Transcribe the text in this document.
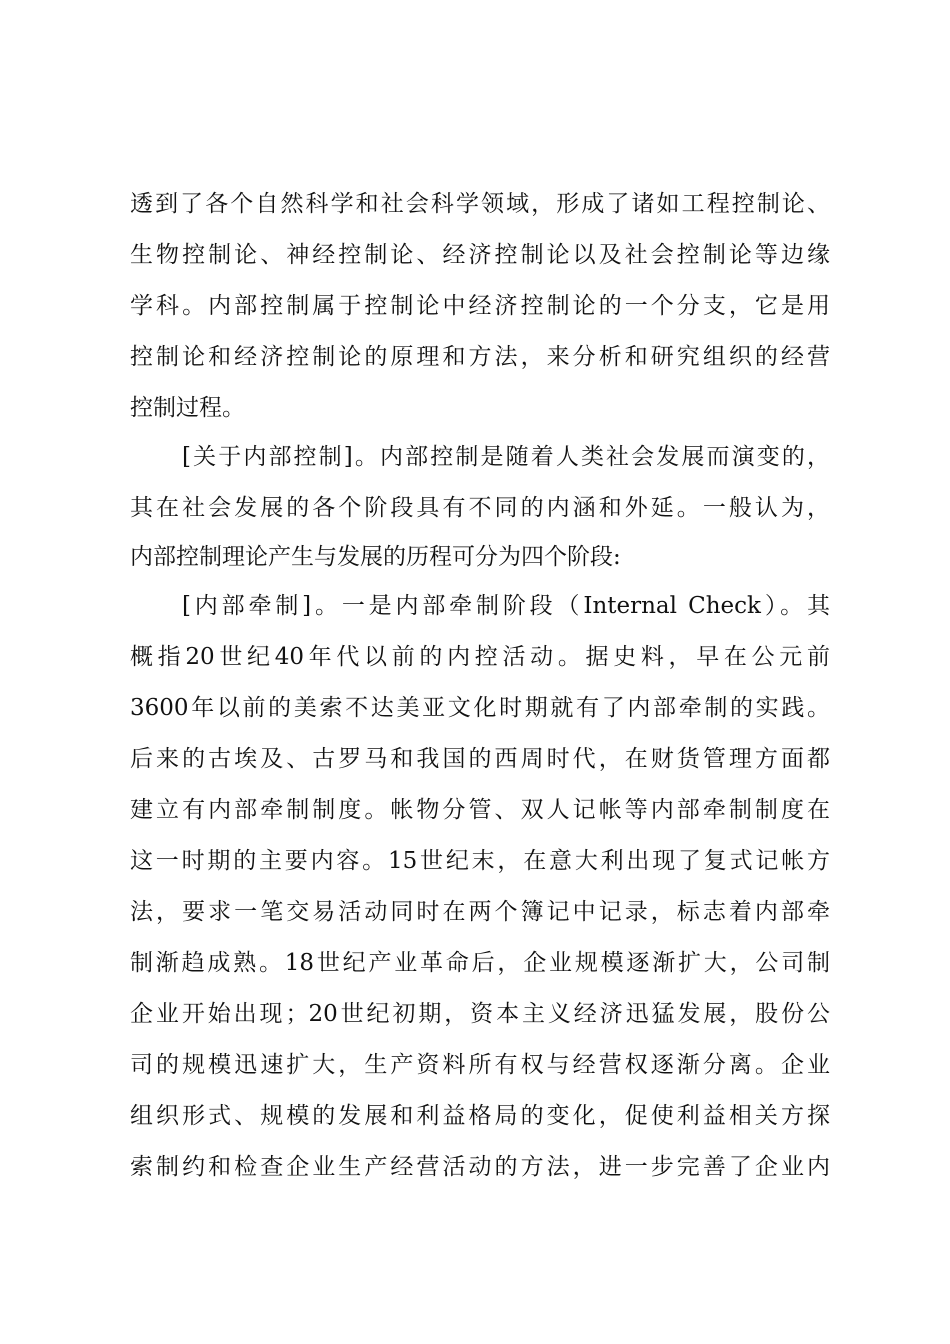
透到了各个自然科学和社会科学领域，形成了诸如工程控制论、
生物控制论、神经控制论、经济控制论以及社会控制论等边缘
学科。内部控制属于控制论中经济控制论的一个分支，它是用
控制论和经济控制论的原理和方法，来分析和研究组织的经营
控制过程。
[关于内部控制]。内部控制是随着人类社会发展而演变的，
其在社会发展的各个阶段具有不同的内涵和外延。一般认为，
内部控制理论产生与发展的历程可分为四个阶段:
[内部牵制]。一是内部牵制阶段（Internal Check）。其
概指20世纪40年代以前的内控活动。据史料，早在公元前
3600年以前的美索不达美亚文化时期就有了内部牵制的实践。
后来的古埃及、古罗马和我国的西周时代，在财货管理方面都
建立有内部牵制制度。帐物分管、双人记帐等内部牵制制度在
这一时期的主要内容。15世纪末，在意大利出现了复式记帐方
法，要求一笔交易活动同时在两个簿记中记录，标志着内部牵
制渐趋成熟。18世纪产业革命后，企业规模逐渐扩大，公司制
企业开始出现；20世纪初期，资本主义经济迅猛发展，股份公
司的规模迅速扩大，生产资料所有权与经营权逐渐分离。企业
组织形式、规模的发展和利益格局的变化，促使利益相关方探
索制约和检查企业生产经营活动的方法，进一步完善了企业内
